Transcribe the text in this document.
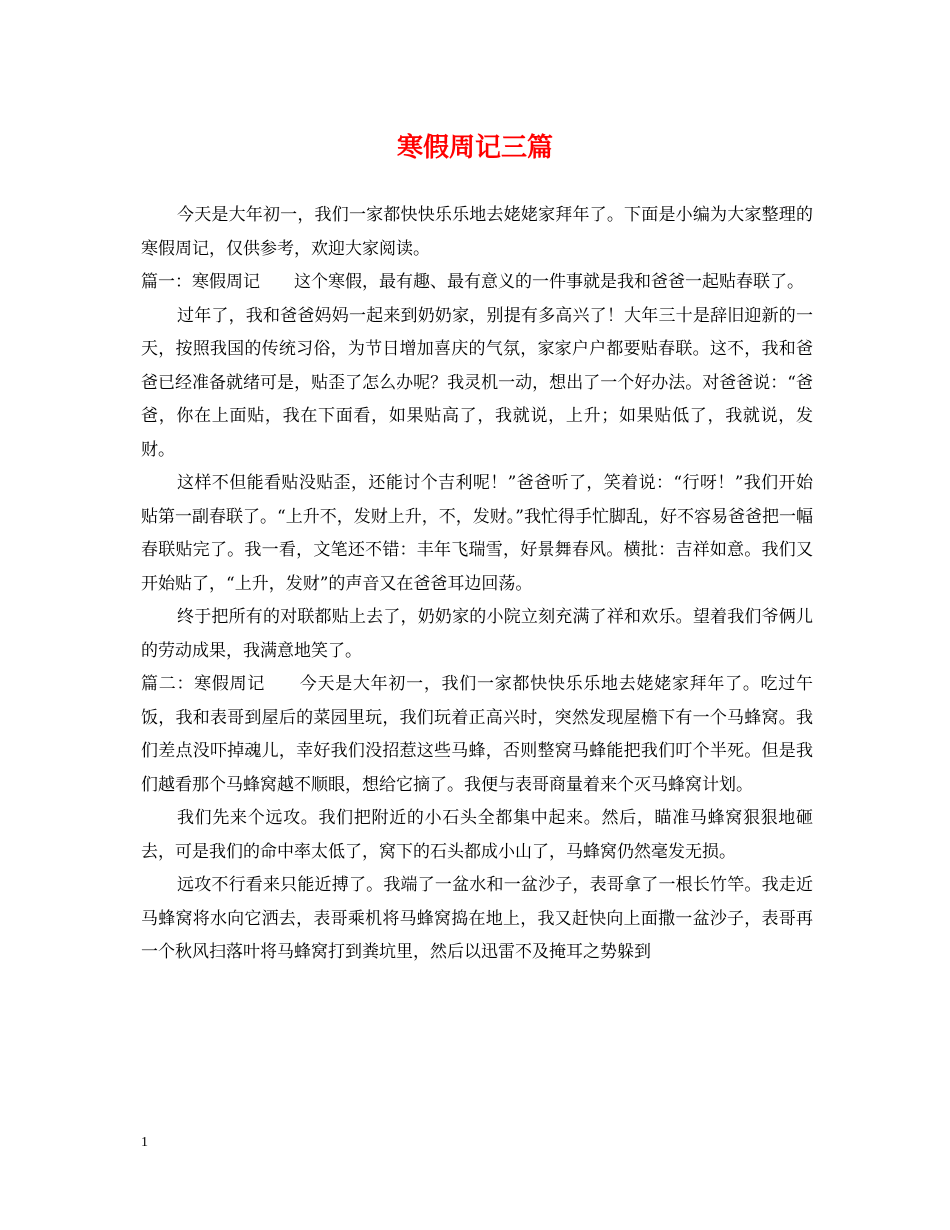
寒假周记三篇

今天是大年初一，我们一家都快快乐乐地去姥姥家拜年了。下面是小编为大家整理的寒假周记，仅供参考，欢迎大家阅读。

篇一：寒假周记 这个寒假，最有趣、最有意义的一件事就是我和爸爸一起贴春联了。

过年了，我和爸爸妈妈一起来到奶奶家，别提有多高兴了！大年三十是辞旧迎新的一天，按照我国的传统习俗，为节日增加喜庆的气氛，家家户户都要贴春联。这不，我和爸爸已经准备就绪可是，贴歪了怎么办呢？我灵机一动，想出了一个好办法。对爸爸说：“爸爸，你在上面贴，我在下面看，如果贴高了，我就说，上升；如果贴低了，我就说，发财。

这样不但能看贴没贴歪，还能讨个吉利呢！”爸爸听了，笑着说：“行呀！”我们开始贴第一副春联了。“上升不，发财上升，不，发财。”我忙得手忙脚乱，好不容易爸爸把一幅春联贴完了。我一看，文笔还不错：丰年飞瑞雪，好景舞春风。横批：吉祥如意。我们又开始贴了，“上升，发财”的声音又在爸爸耳边回荡。

终于把所有的对联都贴上去了，奶奶家的小院立刻充满了祥和欢乐。望着我们爷俩儿的劳动成果，我满意地笑了。

篇二：寒假周记 今天是大年初一，我们一家都快快乐乐地去姥姥家拜年了。吃过午饭，我和表哥到屋后的菜园里玩，我们玩着正高兴时，突然发现屋檐下有一个马蜂窝。我们差点没吓掉魂儿，幸好我们没招惹这些马蜂，否则整窝马蜂能把我们叮个半死。但是我们越看那个马蜂窝越不顺眼，想给它摘了。我便与表哥商量着来个灭马蜂窝计划。

我们先来个远攻。我们把附近的小石头全都集中起来。然后，瞄准马蜂窝狠狠地砸去，可是我们的命中率太低了，窝下的石头都成小山了，马蜂窝仍然毫发无损。

远攻不行看来只能近搏了。我端了一盆水和一盆沙子，表哥拿了一根长竹竿。我走近马蜂窝将水向它洒去，表哥乘机将马蜂窝捣在地上，我又赶快向上面撒一盆沙子，表哥再一个秋风扫落叶将马蜂窝打到粪坑里，然后以迅雷不及掩耳之势躲到

1
